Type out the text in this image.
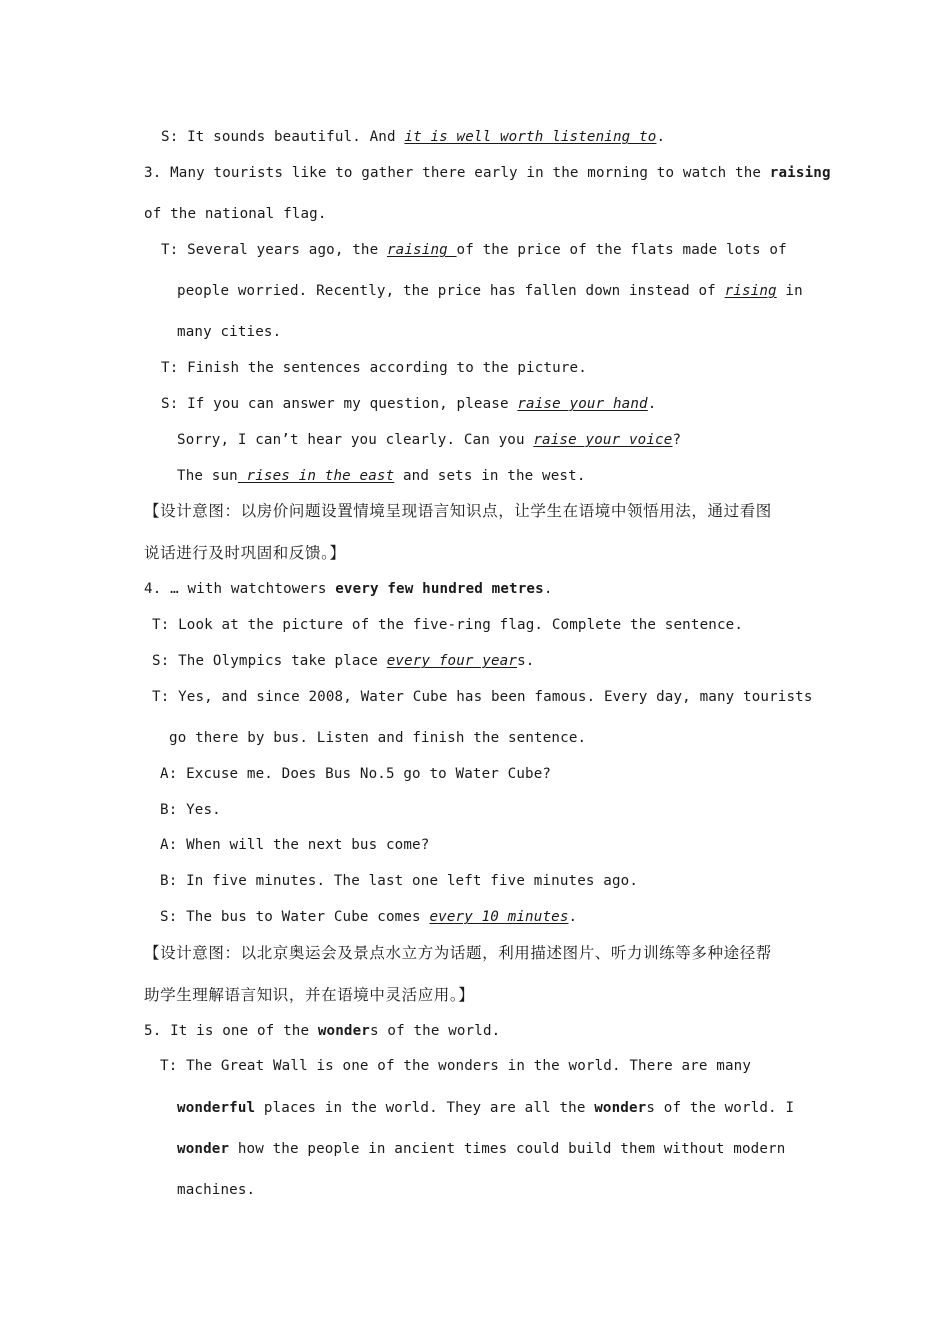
S: It sounds beautiful. And it is well worth listening to.
3. Many tourists like to gather there early in the morning to watch the raising
of the national flag.
T: Several years ago, the raising of the price of the flats made lots of
people worried. Recently, the price has fallen down instead of rising in
many cities.
T: Finish the sentences according to the picture.
S: If you can answer my question, please raise your hand.
Sorry, I can’t hear you clearly. Can you raise your voice?
The sun rises in the east and sets in the west.
【设计意图：以房价问题设置情境呈现语言知识点，让学生在语境中领悟用法，通过看图
说话进行及时巩固和反馈。】
4. … with watchtowers every few hundred metres.
T: Look at the picture of the five-ring flag. Complete the sentence.
S: The Olympics take place every four years.
T: Yes, and since 2008, Water Cube has been famous. Every day, many tourists
go there by bus. Listen and finish the sentence.
A: Excuse me. Does Bus No.5 go to Water Cube?
B: Yes.
A: When will the next bus come?
B: In five minutes. The last one left five minutes ago.
S: The bus to Water Cube comes every 10 minutes.
【设计意图：以北京奥运会及景点水立方为话题，利用描述图片、听力训练等多种途径帮
助学生理解语言知识，并在语境中灵活应用。】
5. It is one of the wonders of the world.
T: The Great Wall is one of the wonders in the world. There are many
wonderful places in the world. They are all the wonders of the world. I
wonder how the people in ancient times could build them without modern
machines.
